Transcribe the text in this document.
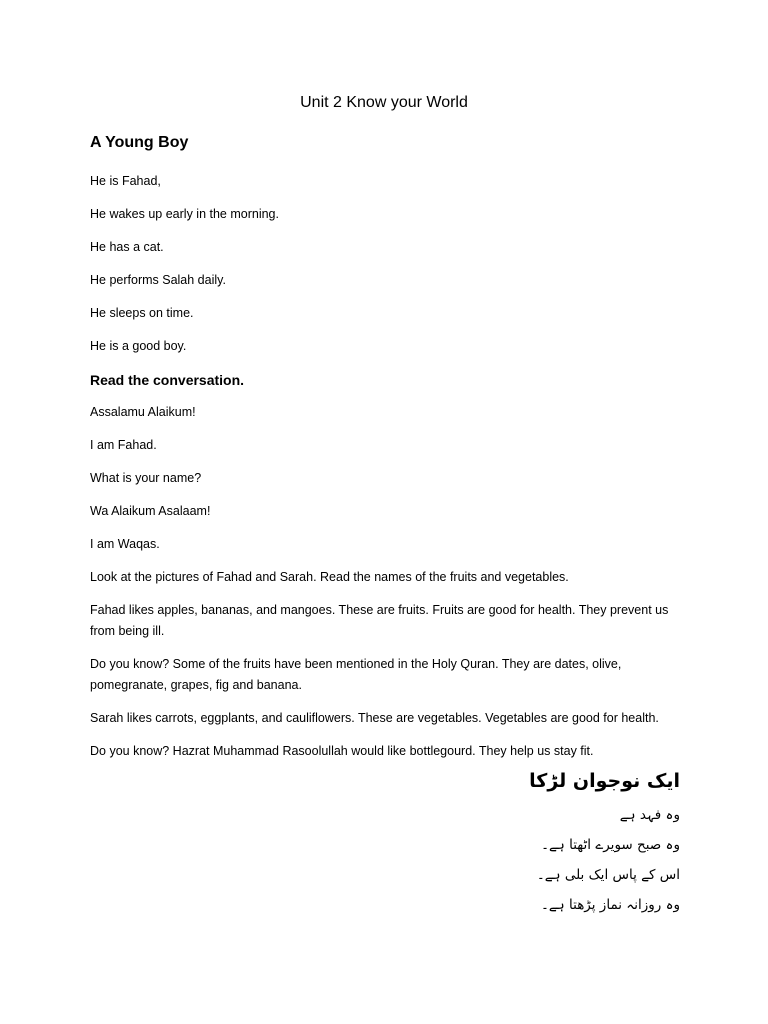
Unit 2 Know your World
A Young Boy

He is Fahad,

He wakes up early in the morning.

He has a cat.

He performs Salah daily.

He sleeps on time.

He is a good boy.

Read the conversation.

Assalamu Alaikum!

I am Fahad.

What is your name?

Wa Alaikum Asalaam!

I am Waqas.

Look at the pictures of Fahad and Sarah. Read the names of the fruits and vegetables.

Fahad likes apples, bananas, and mangoes. These are fruits. Fruits are good for health. They prevent us from being ill.

Do you know? Some of the fruits have been mentioned in the Holy Quran. They are dates, olive, pomegranate, grapes, fig and banana.

Sarah likes carrots, eggplants, and cauliflowers. These are vegetables. Vegetables are good for health.

Do you know? Hazrat Muhammad Rasoolullah would like bottlegourd. They help us stay fit.

ایک نوجوان لڑکا
وہ فہد ہے
وہ صبح سویرے اٹھتا ہے۔
اس کے پاس ایک بلی ہے۔
وہ روزانہ نماز پڑھتا ہے۔
